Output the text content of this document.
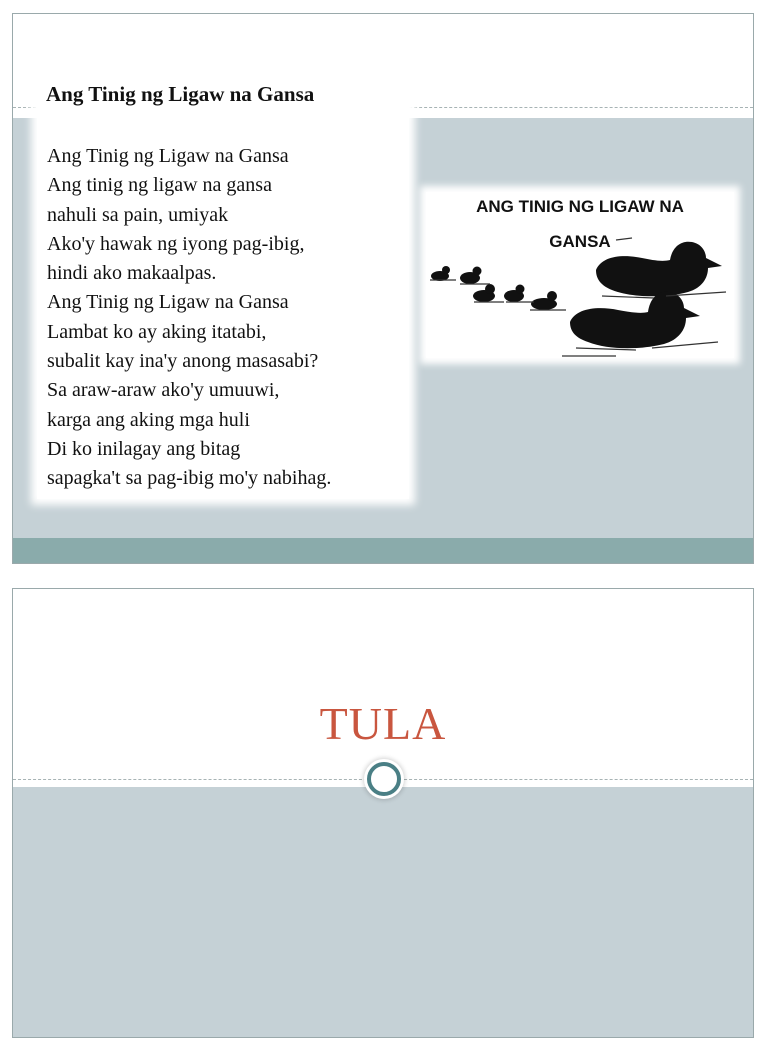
Ang Tinig ng Ligaw na Gansa

Ang Tinig ng Ligaw na Gansa
Ang tinig ng ligaw na gansa
nahuli sa pain, umiyak
Ako'y hawak ng iyong pag-ibig,
hindi ako makaalpas.
Ang Tinig ng Ligaw na Gansa
Lambat ko ay aking itatabi,
subalit kay ina'y anong masasabi?
Sa araw-araw ako'y umuuwi,
karga ang aking mga huli
Di ko inilagay ang bitag
sapagka't sa pag-ibig mo'y nabihag.

ANG TINIG NG LIGAW NA
GANSA

TULA
